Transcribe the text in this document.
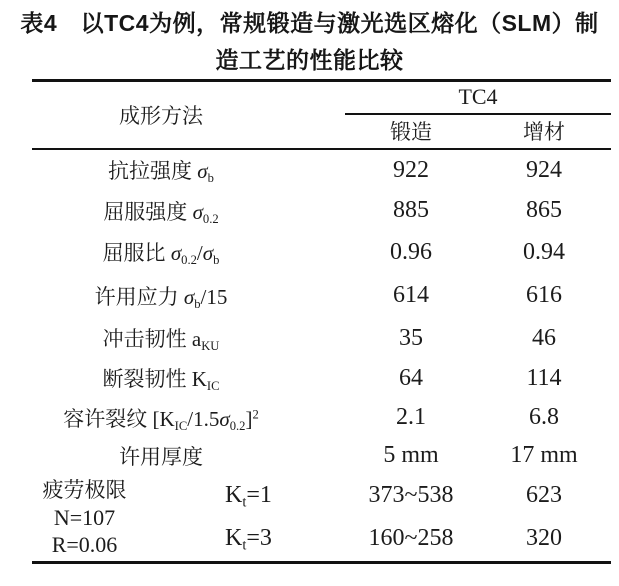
表4　以TC4为例，常规锻造与激光选区熔化（SLM）制
造工艺的性能比较
成形方法		TC4	
		锻造	增材
抗拉强度 $\sigma_b$		922	924
屈服强度 $\sigma_{0.2}$		885	865
屈服比 $\sigma_{0.2}/\sigma_b$		0.96	0.94
许用应力 $\sigma_b/15$		614	616
冲击韧性 $a_{KU}$		35	46
断裂韧性 $K_{IC}$		64	114
容许裂纹 $[K_{IC}/1.5\sigma_{0.2}]^2$		2.1	6.8
许用厚度		5 mm	17 mm

疲劳极限
N=107
R=0.06	$K_t=1$	373~538	623
	$K_t=3$	160~258	320
